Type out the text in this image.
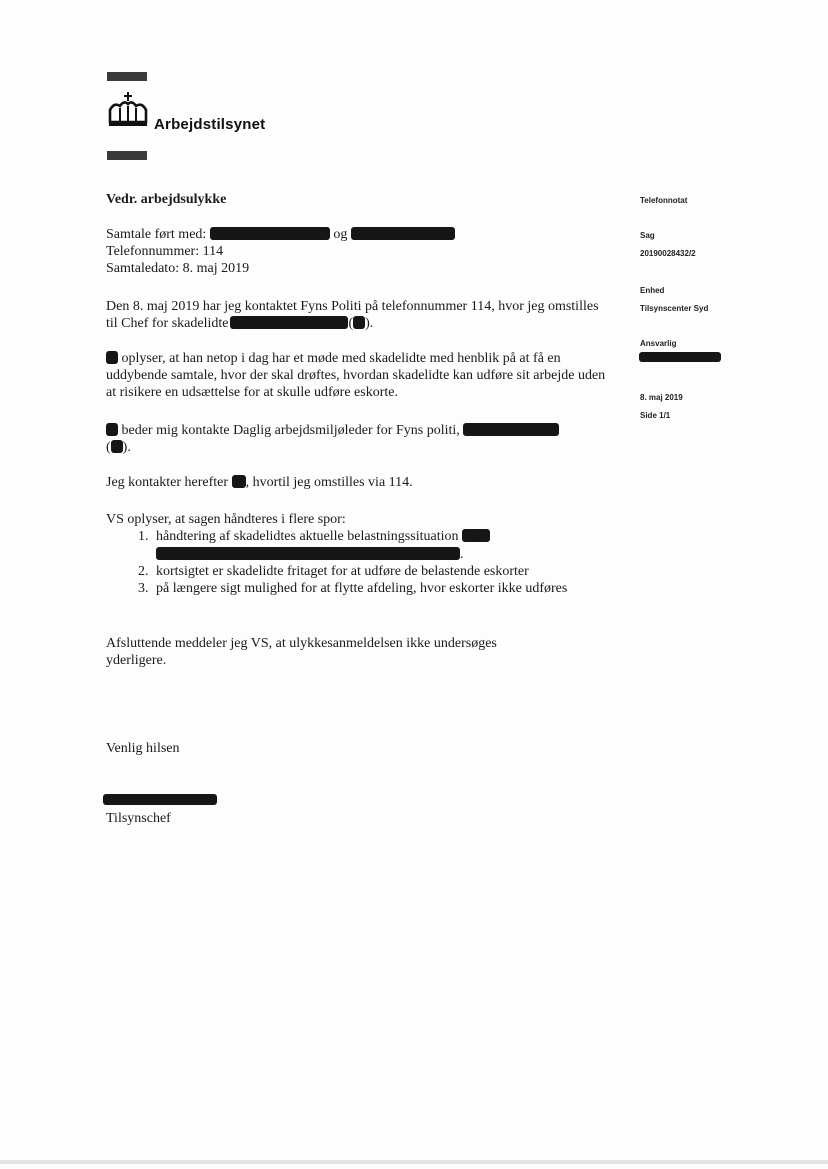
Arbejdstilsynet
Telefonnotat
Sag
20190028432/2
Enhed
Tilsynscenter Syd
Ansvarlig
8. maj 2019
Side 1/1
Vedr. arbejdsulykke

Samtale ført med:	og

Telefonnummer: 114

Samtaledato: 8. maj 2019

Den 8. maj 2019 har jeg kontaktet Fyns Politi på telefonnummer 114, hvor jeg omstilles til Chef for skadelidte	( ).

oplyser, at han netop i dag har et møde med skadelidte med henblik på at få en uddybende samtale, hvor der skal drøftes, hvordan skadelidte kan udføre sit arbejde uden at risikere en udsættelse for at skulle udføre eskorte.

beder mig kontakte Daglig arbejdsmiljøleder for Fyns politi,
( ).

Jeg kontakter herefter , hvortil jeg omstilles via 114.

VS oplyser, at sagen håndteres i flere spor:

1. håndtering af skadelidtes aktuelle belastningssituation
.
2. kortsigtet er skadelidte fritaget for at udføre de belastende eskorter
3. på længere sigt mulighed for at flytte afdeling, hvor eskorter ikke udføres

Afsluttende meddeler jeg VS, at ulykkesanmeldelsen ikke undersøges yderligere.

Venlig hilsen
Tilsynschef
